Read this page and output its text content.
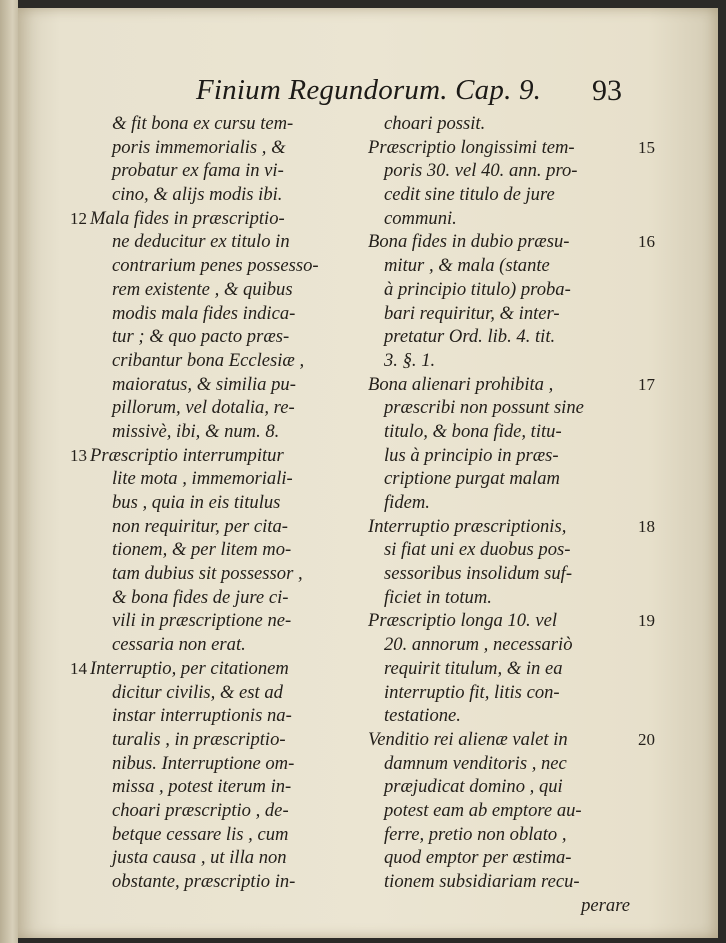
Finium Regundorum. Cap. 9. 93
& fit bona ex cursu tem-
poris immemorialis , &
probatur ex fama in vi-
cino, & alijs modis ibi.
Mala fides in præscriptio-
12
ne deducitur ex titulo in
contrarium penes possesso-
rem existente , & quibus
modis mala fides indica-
tur ; & quo pacto præs-
cribantur bona Ecclesiæ ,
maioratus, & similia pu-
pillorum, vel dotalia, re-
missivè, ibi, & num. 8.
Præscriptio interrumpitur
13
lite mota , immemoriali-
bus , quia in eis titulus
non requiritur, per cita-
tionem, & per litem mo-
tam dubius sit possessor ,
& bona fides de jure ci-
vili in præscriptione ne-
cessaria non erat.
Interruptio, per citationem
14
dicitur civilis, & est ad
instar interruptionis na-
turalis , in præscriptio-
nibus. Interruptione om-
missa , potest iterum in-
choari præscriptio , de-
betque cessare lis , cum
justa causa , ut illa non
obstante, præscriptio in-
choari possit.
Præscriptio longissimi tem-	15
poris 30. vel 40. ann. pro-
cedit sine titulo de jure
communi.
Bona fides in dubio præsu-	16
mitur , & mala (stante
à principio titulo) proba-
bari requiritur, & inter-
pretatur Ord. lib. 4. tit.
3. §. 1.
Bona alienari prohibita ,	17
præscribi non possunt sine
titulo, & bona fide, titu-
lus à principio in præs-
criptione purgat malam
fidem.
Interruptio præscriptionis,	18
si fiat uni ex duobus pos-
sessoribus insolidum suf-
ficiet in totum.
Præscriptio longa 10. vel	19
20. annorum , necessariò
requirit titulum, & in ea
interruptio fit, litis con-
testatione.
Venditio rei alienæ valet in	20
damnum venditoris , nec
præjudicat domino , qui
potest eam ab emptore au-
ferre, pretio non oblato ,
quod emptor per æstima-
tionem subsidiariam recu-
perare
